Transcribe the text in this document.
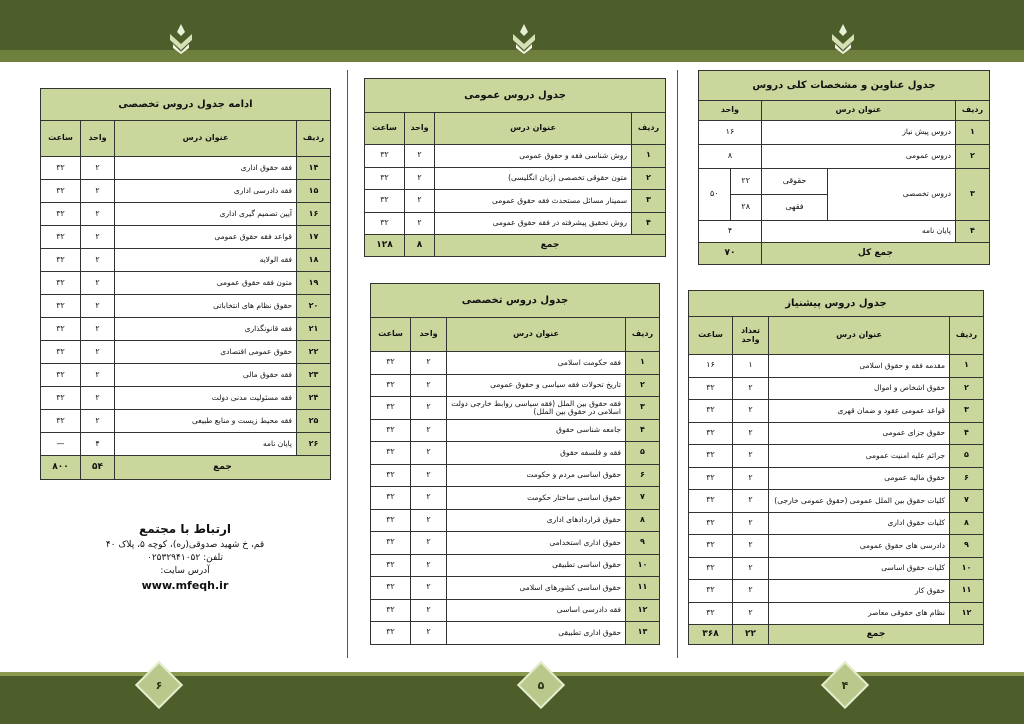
۶	۵	۴
جدول عناوین و مشخصات کلی دروس				
ردیف	عنوان درس		واحد	
۱	دروس پیش نیاز		۱۶	
۲	دروس عمومی		۸	
۳	دروس تخصصی	حقوقی	۲۲	۵۰
		فقهی	۲۸	
۴	پایان نامه		۴	
جمع کل			۷۰	
جدول دروس پیشنیاز			
ردیف	عنوان درس	تعداد واحد	ساعت
۱	مقدمه فقه و حقوق اسلامی	۱	۱۶
۲	حقوق اشخاص و اموال	۲	۳۲
۳	قواعد عمومی عقود و ضمان قهری	۲	۳۲
۴	حقوق جزای عمومی	۲	۳۲
۵	جرائم علیه امنیت عمومی	۲	۳۲
۶	حقوق مالیه عمومی	۲	۳۲
۷	کلیات حقوق بین الملل عمومی (حقوق عمومی خارجی)	۲	۳۲
۸	کلیات حقوق اداری	۲	۳۲
۹	دادرسی های حقوق عمومی	۲	۳۲
۱۰	کلیات حقوق اساسی	۲	۳۲
۱۱	حقوق کار	۲	۳۲
۱۲	نظام های حقوقی معاصر	۲	۳۲
جمع		۲۲	۳۶۸
جدول دروس عمومی			
ردیف	عنوان درس	واحد	ساعت
۱	روش شناسی فقه و حقوق عمومی	۲	۳۲
۲	متون حقوقی تخصصی (زبان انگلیسی)	۲	۳۲
۳	سمینار مسائل مستحدث فقه حقوق عمومی	۲	۳۲
۴	روش تحقیق پیشرفته در فقه حقوق عمومی	۲	۳۲
جمع		۸	۱۲۸
جدول دروس تخصصی			
ردیف	عنوان درس	واحد	ساعت
۱	فقه حکومت اسلامی	۲	۳۲
۲	تاریخ تحولات فقه سیاسی و حقوق عمومی	۲	۳۲
۳	فقه حقوق بین الملل (فقه سیاسی روابط خارجی دولت اسلامی در حقوق بین الملل)	۲	۳۲
۴	جامعه شناسی حقوق	۲	۳۲
۵	فقه و فلسفه حقوق	۲	۳۲
۶	حقوق اساسی مردم و حکومت	۲	۳۲
۷	حقوق اساسی ساختار حکومت	۲	۳۲
۸	حقوق قراردادهای اداری	۲	۳۲
۹	حقوق اداری استخدامی	۲	۳۲
۱۰	حقوق اساسی تطبیقی	۲	۳۲
۱۱	حقوق اساسی کشورهای اسلامی	۲	۳۲
۱۲	فقه دادرسی اساسی	۲	۳۲
۱۳	حقوق اداری تطبیقی	۲	۳۲
ادامه جدول دروس تخصصی			
ردیف	عنوان درس	واحد	ساعت
۱۴	فقه حقوق اداری	۲	۳۲
۱۵	فقه دادرسی اداری	۲	۳۲
۱۶	آیین تصمیم گیری اداری	۲	۳۲
۱۷	قواعد فقه حقوق عمومی	۲	۳۲
۱۸	فقه الولایه	۲	۳۲
۱۹	متون فقه حقوق عمومی	۲	۳۲
۲۰	حقوق نظام های انتخاباتی	۲	۳۲
۲۱	فقه قانونگذاری	۲	۳۲
۲۲	حقوق عمومی اقتصادی	۲	۳۲
۲۳	فقه حقوق مالی	۲	۳۲
۲۴	فقه مسئولیت مدنی دولت	۲	۳۲
۲۵	فقه محیط زیست و منابع طبیعی	۲	۳۲
۲۶	پایان نامه	۴	—
جمع		۵۴	۸۰۰
ارتباط با مجتمع
قم، خ شهید صدوقی(ره)، کوچه ۵، پلاک ۴۰
تلفن: ۰۲۵۳۲۹۴۱۰۵۲
آدرس سایت:
www.mfeqh.ir
